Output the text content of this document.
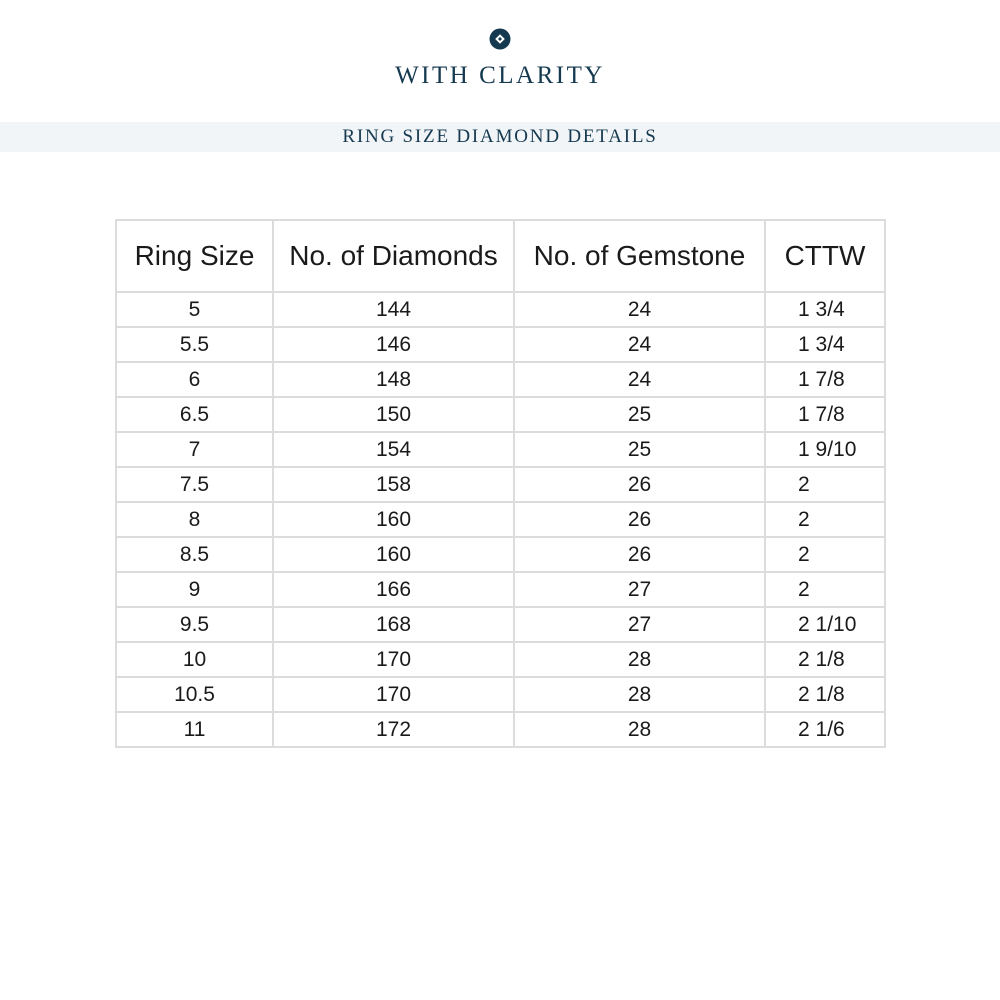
WITH CLARITY
RING SIZE DIAMOND DETAILS
Ring Size	No. of Diamonds	No. of Gemstone	CTTW
5	144	24	1 3/4
5.5	146	24	1 3/4
6	148	24	1 7/8
6.5	150	25	1 7/8
7	154	25	1 9/10
7.5	158	26	2
8	160	26	2
8.5	160	26	2
9	166	27	2
9.5	168	27	2 1/10
10	170	28	2 1/8
10.5	170	28	2 1/8
11	172	28	2 1/6
